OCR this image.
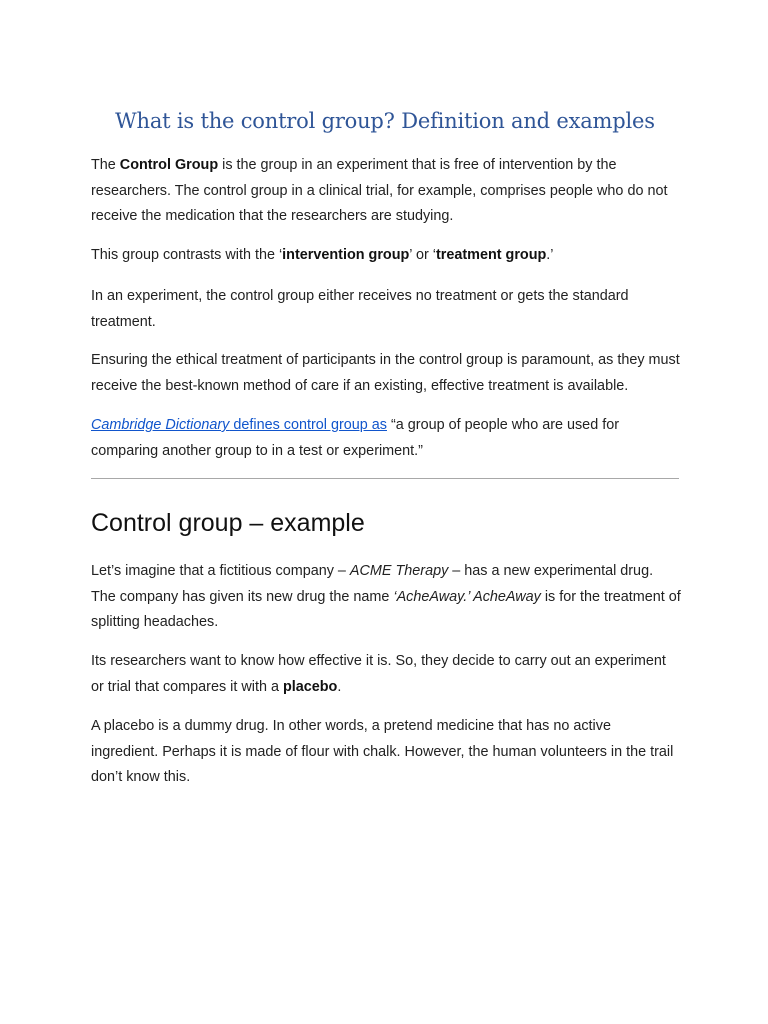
What is the control group? Definition and examples

The Control Group is the group in an experiment that is free of intervention by the researchers. The control group in a clinical trial, for example, comprises people who do not receive the medication that the researchers are studying.

This group contrasts with the ‘intervention group’ or ‘treatment group.’

In an experiment, the control group either receives no treatment or gets the standard treatment.

Ensuring the ethical treatment of participants in the control group is paramount, as they must receive the best-known method of care if an existing, effective treatment is available.

Cambridge Dictionary defines control group as “a group of people who are used for comparing another group to in a test or experiment.”

Control group – example

Let’s imagine that a fictitious company – ACME Therapy – has a new experimental drug. The company has given its new drug the name ‘AcheAway.’ AcheAway is for the treatment of splitting headaches.

Its researchers want to know how effective it is. So, they decide to carry out an experiment or trial that compares it with a placebo.

A placebo is a dummy drug. In other words, a pretend medicine that has no active ingredient. Perhaps it is made of flour with chalk. However, the human volunteers in the trail don’t know this.
